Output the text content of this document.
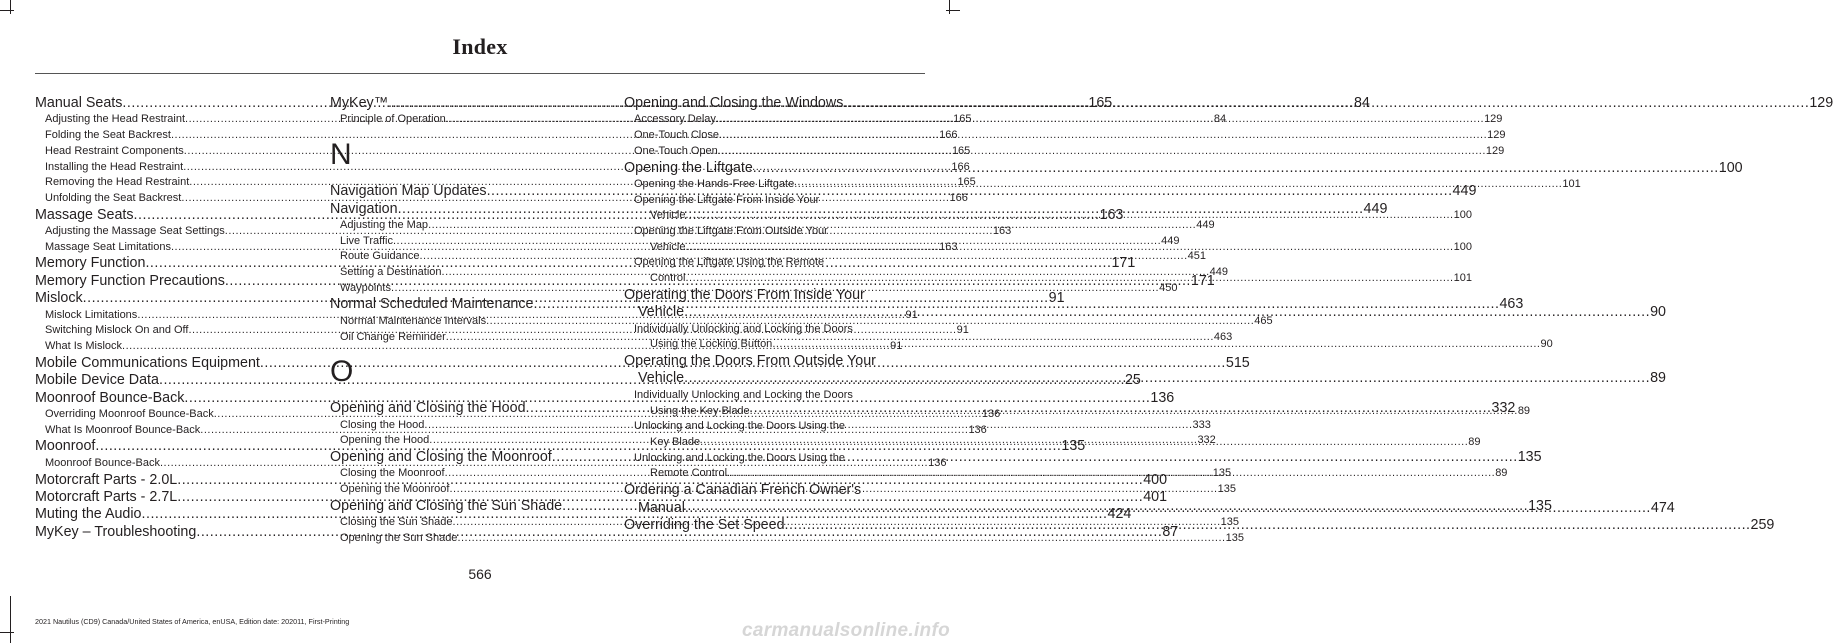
Index
Manual Seats .....	165
Adjusting the Head Restraint .....	165
Folding the Seat Backrest .....	166
Head Restraint Components .....	165
Installing the Head Restraint .....	166
Removing the Head Restraint .....	165
Unfolding the Seat Backrest .....	166
Massage Seats .....	163
Adjusting the Massage Seat Settings .....	163
Massage Seat Limitations .....	163
Memory Function .....	171
Memory Function Precautions .....	171
Mislock .....	91
Mislock Limitations .....	91
Switching Mislock On and Off .....	91
What Is Mislock .....	91
Mobile Communications Equipment .....	515
Mobile Device Data .....	25
Moonroof Bounce-Back .....	136
Overriding Moonroof Bounce-Back .....	136
What Is Moonroof Bounce-Back .....	136
Moonroof .....	135
Moonroof Bounce-Back .....	136
Motorcraft Parts - 2.0L .....	400
Motorcraft Parts - 2.7L .....	401
Muting the Audio .....	424
MyKey – Troubleshooting .....	87
MyKey™ .....	84
Principle of Operation .....	84
N
Navigation Map Updates .....	449
Navigation .....	449
Adjusting the Map .....	449
Live Traffic .....	449
Route Guidance .....	451
Setting a Destination .....	449
Waypoints .....	450
Normal Scheduled Maintenance .....	463
Normal Maintenance Intervals .....	465
Oil Change Reminder .....	463
O
Opening and Closing the Hood .....	332
Closing the Hood .....	333
Opening the Hood .....	332
Opening and Closing the Moonroof .....	135
Closing the Moonroof .....	135
Opening the Moonroof .....	135
Opening and Closing the Sun Shade .....	135
Closing the Sun Shade .....	135
Opening the Sun Shade .....	135
Opening and Closing the Windows .....	129
Accessory Delay .....	129
One-Touch Close .....	129
One-Touch Open .....	129
Opening the Liftgate .....	100
Opening the Hands-Free Liftgate .....	101
Opening the Liftgate From Inside Your
Vehicle .....	100
Opening the Liftgate From Outside Your
Vehicle .....	100
Opening the Liftgate Using the Remote
Control .....	101
Operating the Doors From Inside Your
Vehicle .....	90
Individually Unlocking and Locking the Doors
Using the Locking Button .....	90
Operating the Doors From Outside Your
Vehicle .....	89
Individually Unlocking and Locking the Doors
Using the Key Blade .....	89
Unlocking and Locking the Doors Using the
Key Blade .....	89
Unlocking and Locking the Doors Using the
Remote Control .....	89
Ordering a Canadian French Owner's
Manual .....	474
Overriding the Set Speed .....	259
566
2021 Nautilus (CD9) Canada/United States of America, enUSA, Edition date: 202011, First-Printing	carmanualsonline.info
